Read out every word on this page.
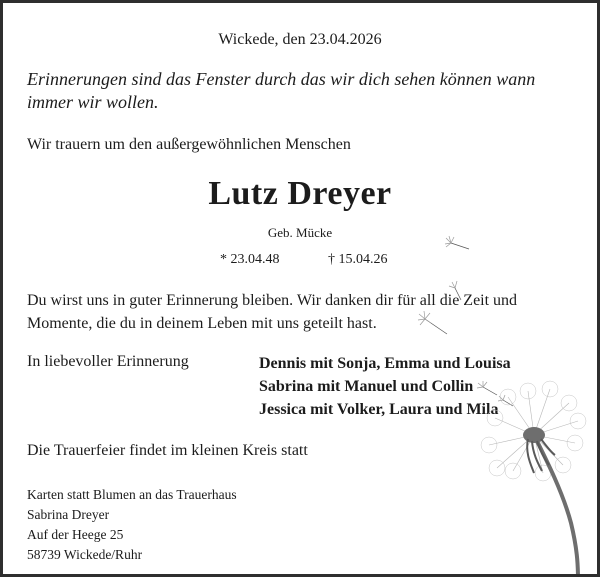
Wickede, den 23.04.2026
Erinnerungen sind das Fenster durch das wir dich sehen können wann immer wir wollen.
Wir trauern um den außergewöhnlichen Menschen
Lutz Dreyer
Geb. Mücke
* 23.04.48	† 15.04.26
Du wirst uns in guter Erinnerung bleiben. Wir danken dir für all die Zeit und Momente, die du in deinem Leben mit uns geteilt hast.
In liebevoller Erinnerung	Dennis mit Sonja, Emma und Louisa
Sabrina mit Manuel und Collin
Jessica mit Volker, Laura und Mila
Die Trauerfeier findet im kleinen Kreis statt
Karten statt Blumen an das Trauerhaus
Sabrina Dreyer
Auf der Heege 25
58739 Wickede/Ruhr
